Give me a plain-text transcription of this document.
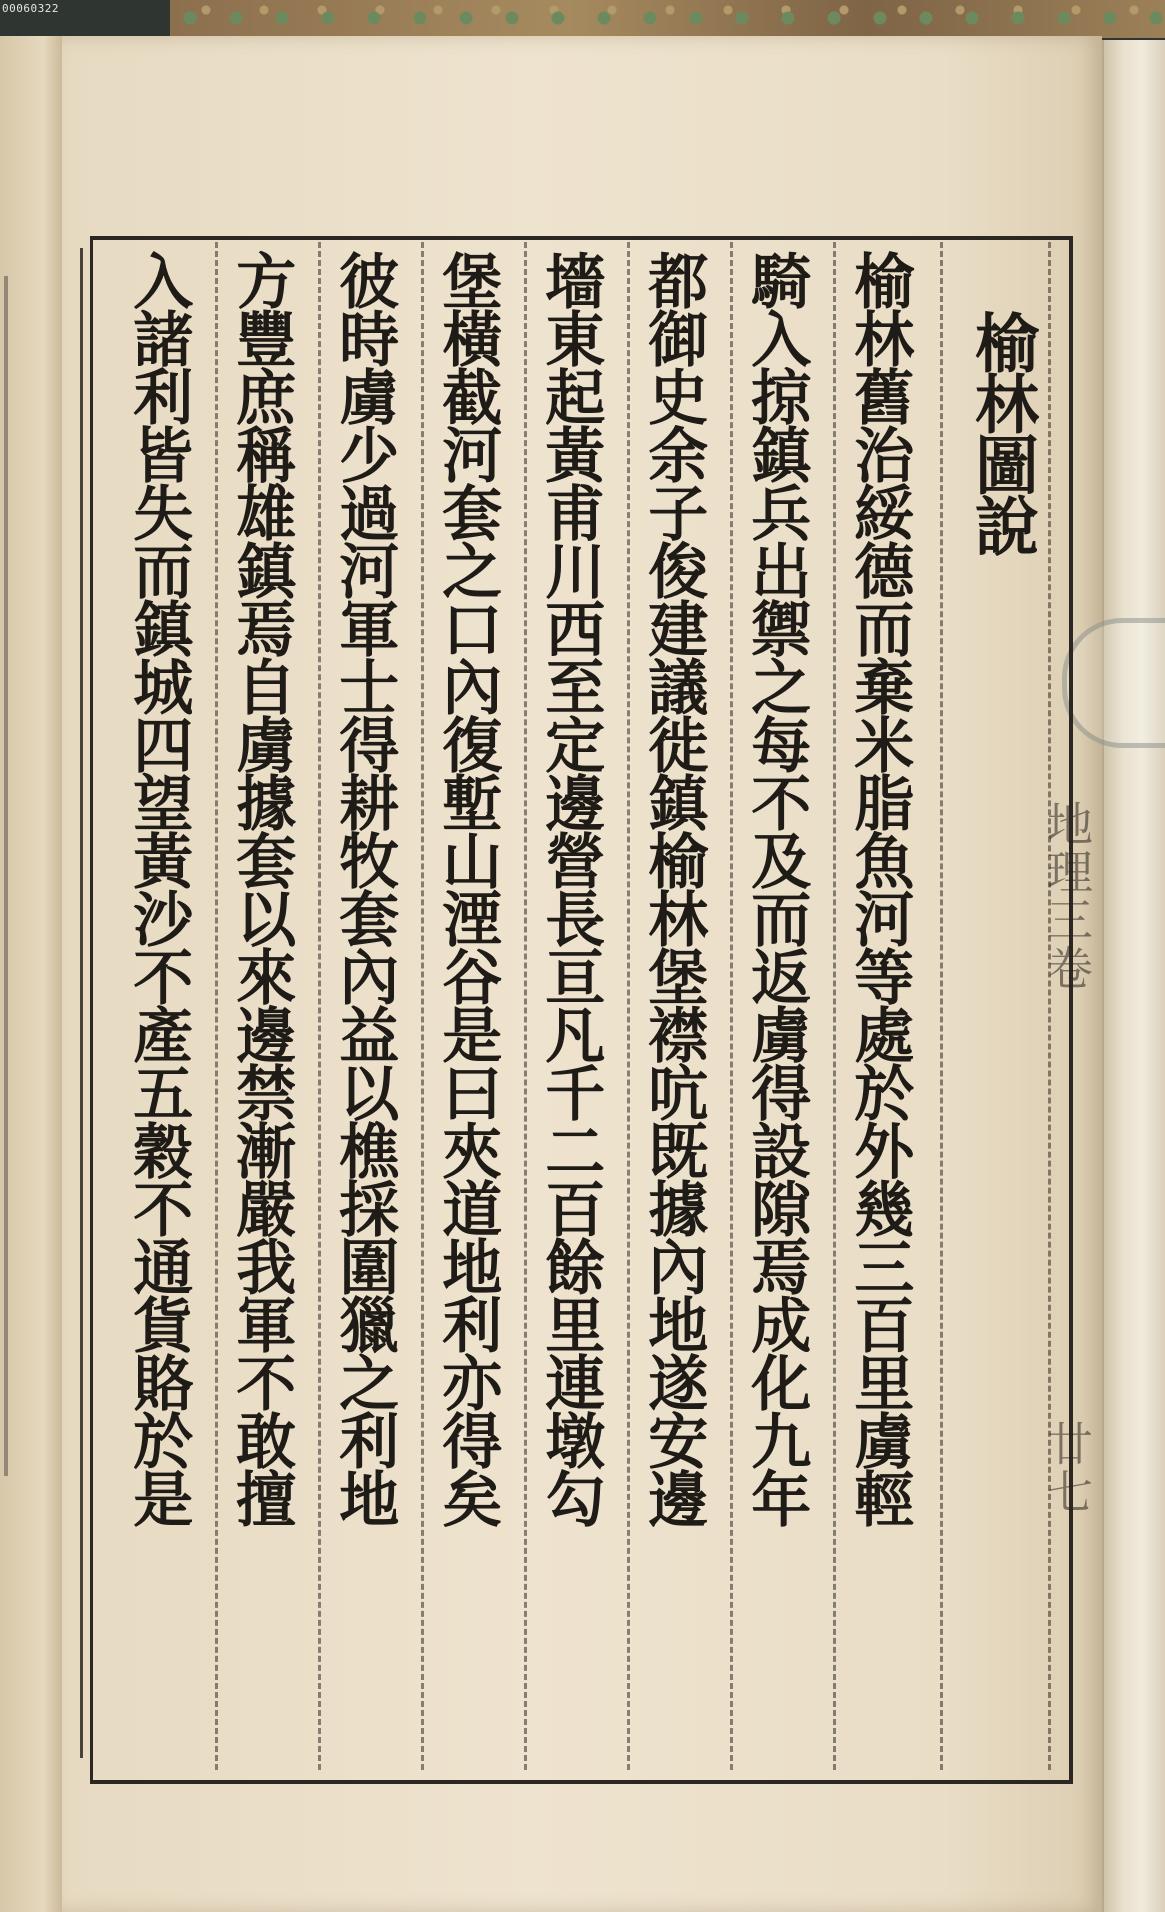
00060322
地理三卷
廿七
榆林圖說
榆林舊治綏德而棄米脂魚河等處於外幾三百里虜輕
騎入掠鎮兵出禦之每不及而返虜得設隙焉成化九年
都御史余子俊建議徙鎮榆林堡襟吭既據內地遂安邊
墻東起黃甫川西至定邊營長亘凡千二百餘里連墩勾
堡橫截河套之口內復塹山湮谷是曰夾道地利亦得矣
彼時虜少過河軍士得耕牧套內益以樵採圍獵之利地
方豐庶稱雄鎮焉自虜據套以來邊禁漸嚴我軍不敢擅
入諸利皆失而鎮城四望黃沙不產五穀不通貨賂於是
